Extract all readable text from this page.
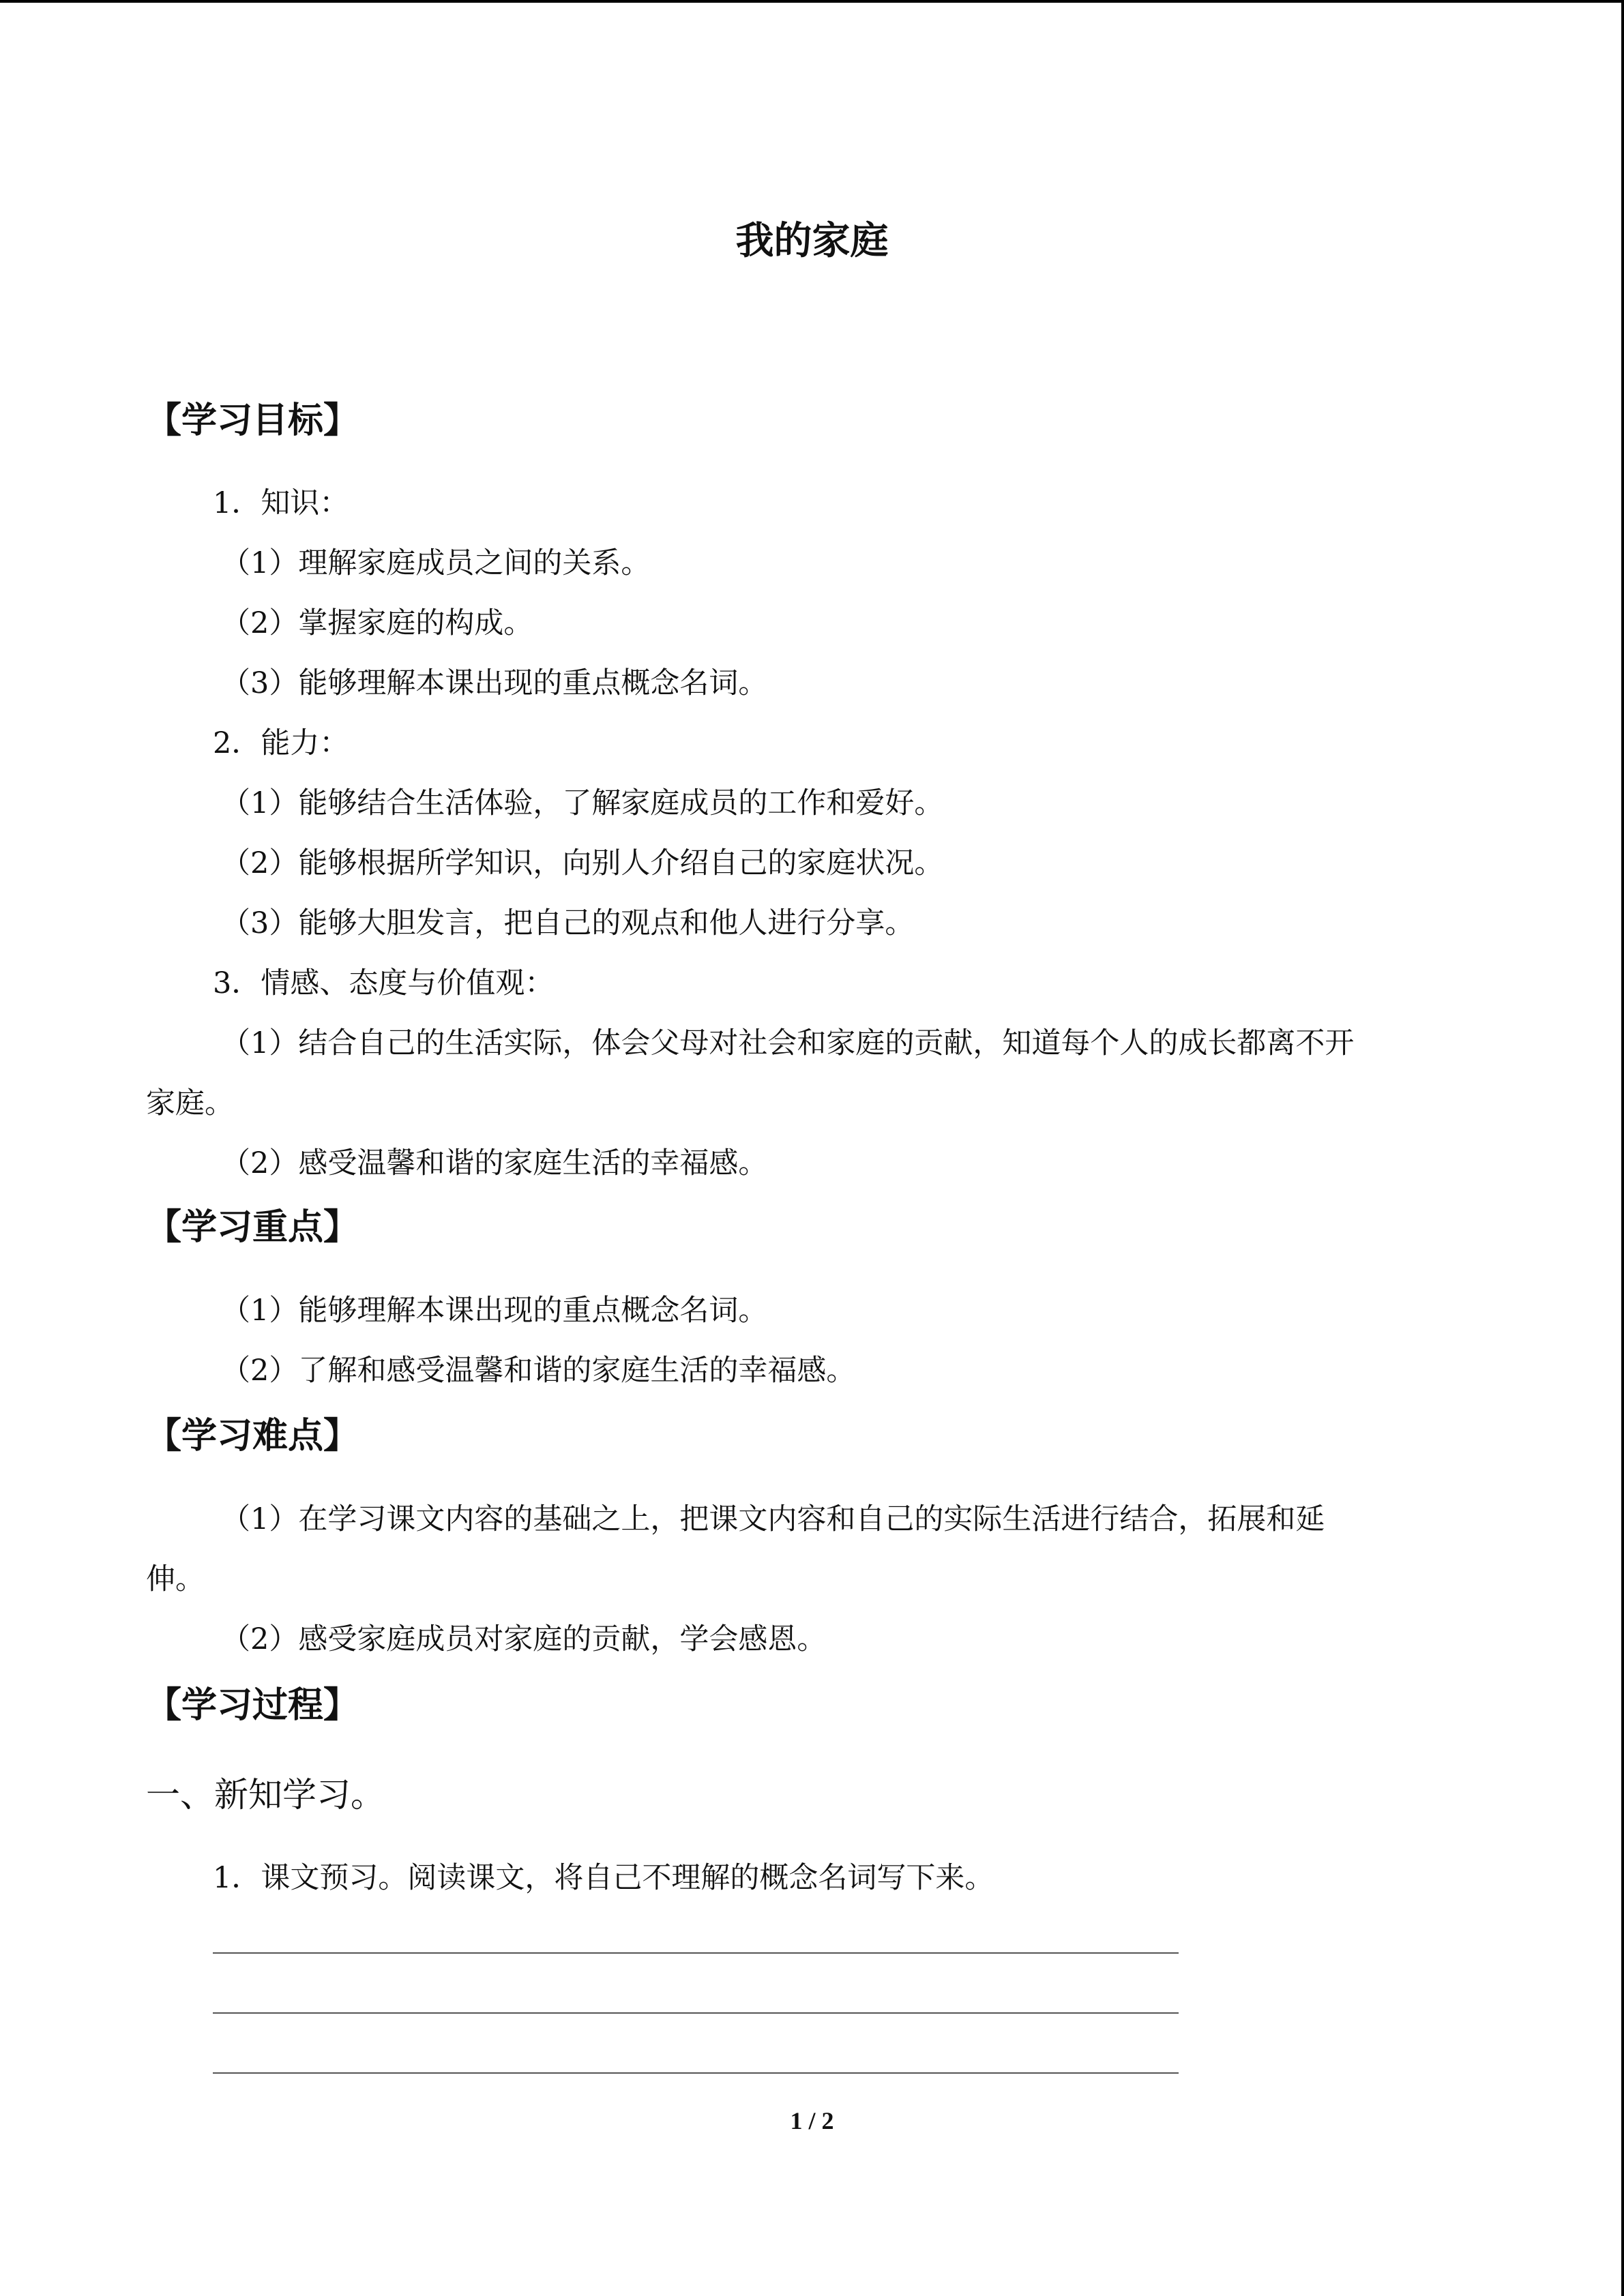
我的家庭
【学习目标】
1．知识：
（1）理解家庭成员之间的关系。
（2）掌握家庭的构成。
（3）能够理解本课出现的重点概念名词。
2．能力：
（1）能够结合生活体验，了解家庭成员的工作和爱好。
（2）能够根据所学知识，向别人介绍自己的家庭状况。
（3）能够大胆发言，把自己的观点和他人进行分享。
3．情感、态度与价值观：
（1）结合自己的生活实际，体会父母对社会和家庭的贡献，知道每个人的成长都离不开
家庭。
（2）感受温馨和谐的家庭生活的幸福感。
【学习重点】
（1）能够理解本课出现的重点概念名词。
（2）了解和感受温馨和谐的家庭生活的幸福感。
【学习难点】
（1）在学习课文内容的基础之上，把课文内容和自己的实际生活进行结合，拓展和延
伸。
（2）感受家庭成员对家庭的贡献，学会感恩。
【学习过程】
一、新知学习。
1．课文预习。阅读课文，将自己不理解的概念名词写下来。
1 / 2
